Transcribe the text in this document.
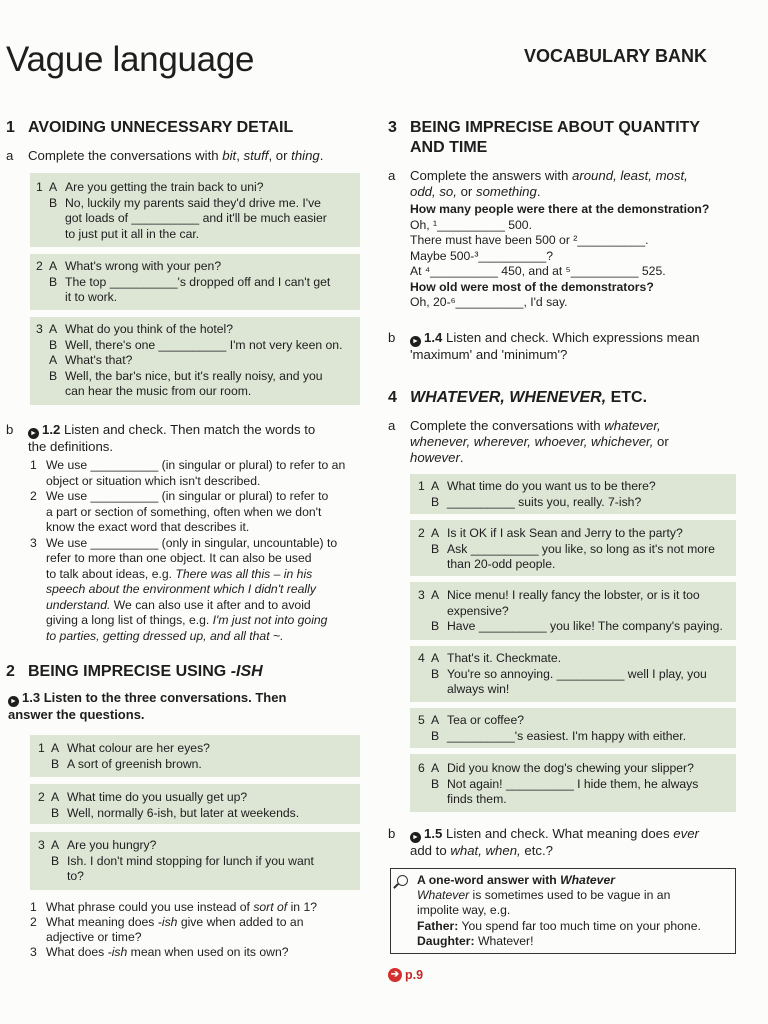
Vague language	VOCABULARY BANK
1 AVOIDING UNNECESSARY DETAIL
a	Complete the conversations with bit, stuff, or thing.
1 A Are you getting the train back to uni?
B No, luckily my parents said they'd drive me. I've
got loads of __________ and it'll be much easier
to just put it all in the car.
2 A What's wrong with your pen?
B The top __________'s dropped off and I can't get
it to work.
3 A What do you think of the hotel?
B Well, there's one __________ I'm not very keen on.
A What's that?
B Well, the bar's nice, but it's really noisy, and you
can hear the music from our room.
b	► 1.2 Listen and check. Then match the words to
the definitions.
1 We use __________ (in singular or plural) to refer to an
object or situation which isn't described.
2 We use __________ (in singular or plural) to refer to
a part or section of something, often when we don't
know the exact word that describes it.
3 We use __________ (only in singular, uncountable) to
refer to more than one object. It can also be used
to talk about ideas, e.g. There was all this – in his
speech about the environment which I didn't really
understand. We can also use it after and to avoid
giving a long list of things, e.g. I'm just not into going
to parties, getting dressed up, and all that ~.
2 BEING IMPRECISE USING -ISH
► 1.3 Listen to the three conversations. Then
answer the questions.
1 A What colour are her eyes?
B A sort of greenish brown.
2 A What time do you usually get up?
B Well, normally 6-ish, but later at weekends.
3 A Are you hungry?
B Ish. I don't mind stopping for lunch if you want
to?
1 What phrase could you use instead of sort of in 1?
2 What meaning does -ish give when added to an
adjective or time?
3 What does -ish mean when used on its own?
3 BEING IMPRECISE ABOUT QUANTITY
AND TIME
a	Complete the answers with around, least, most,
odd, so, or something.
How many people were there at the demonstration?
Oh, ¹__________ 500.
There must have been 500 or ²__________.
Maybe 500-³__________?
At ⁴__________ 450, and at ⁵__________ 525.
How old were most of the demonstrators?
Oh, 20-⁶__________, I'd say.
b	► 1.4 Listen and check. Which expressions mean
'maximum' and 'minimum'?
4 WHATEVER, WHENEVER, ETC.
a	Complete the conversations with whatever,
whenever, wherever, whoever, whichever, or
however.
1 A What time do you want us to be there?
B __________ suits you, really. 7-ish?
2 A Is it OK if I ask Sean and Jerry to the party?
B Ask __________ you like, so long as it's not more
than 20-odd people.
3 A Nice menu! I really fancy the lobster, or is it too
expensive?
B Have __________ you like! The company's paying.
4 A That's it. Checkmate.
B You're so annoying. __________ well I play, you
always win!
5 A Tea or coffee?
B __________'s easiest. I'm happy with either.
6 A Did you know the dog's chewing your slipper?
B Not again! __________ I hide them, he always
finds them.
b	► 1.5 Listen and check. What meaning does ever
add to what, when, etc.?
A one-word answer with Whatever
Whatever is sometimes used to be vague in an
impolite way, e.g.
Father: You spend far too much time on your phone.
Daughter: Whatever!
➔ p.9
